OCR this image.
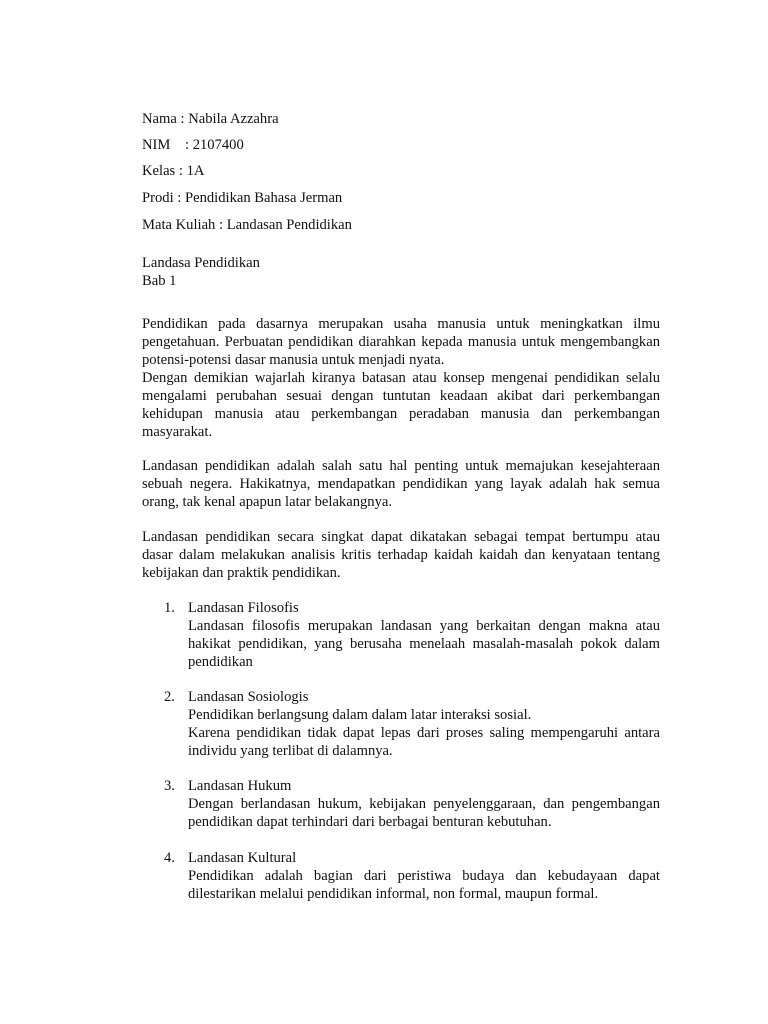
Nama : Nabila Azzahra
NIM : 2107400
Kelas : 1A
Prodi : Pendidikan Bahasa Jerman
Mata Kuliah : Landasan Pendidikan
Landasa Pendidikan
Bab 1

Pendidikan pada dasarnya merupakan usaha manusia untuk meningkatkan ilmu pengetahuan. Perbuatan pendidikan diarahkan kepada manusia untuk mengembangkan potensi-potensi dasar manusia untuk menjadi nyata.

Dengan demikian wajarlah kiranya batasan atau konsep mengenai pendidikan selalu mengalami perubahan sesuai dengan tuntutan keadaan akibat dari perkembangan kehidupan manusia atau perkembangan peradaban manusia dan perkembangan masyarakat.

Landasan pendidikan adalah salah satu hal penting untuk memajukan kesejahteraan sebuah negera. Hakikatnya, mendapatkan pendidikan yang layak adalah hak semua orang, tak kenal apapun latar belakangnya.

Landasan pendidikan secara singkat dapat dikatakan sebagai tempat bertumpu atau dasar dalam melakukan analisis kritis terhadap kaidah kaidah dan kenyataan tentang kebijakan dan praktik pendidikan.

1. Landasan Filosofis
Landasan filosofis merupakan landasan yang berkaitan dengan makna atau hakikat pendidikan, yang berusaha menelaah masalah-masalah pokok dalam pendidikan
2. Landasan Sosiologis
Pendidikan berlangsung dalam dalam latar interaksi sosial.
Karena pendidikan tidak dapat lepas dari proses saling mempengaruhi antara individu yang terlibat di dalamnya.
3. Landasan Hukum
Dengan berlandasan hukum, kebijakan penyelenggaraan, dan pengembangan pendidikan dapat terhindari dari berbagai benturan kebutuhan.
4. Landasan Kultural
Pendidikan adalah bagian dari peristiwa budaya dan kebudayaan dapat dilestarikan melalui pendidikan informal, non formal, maupun formal.
